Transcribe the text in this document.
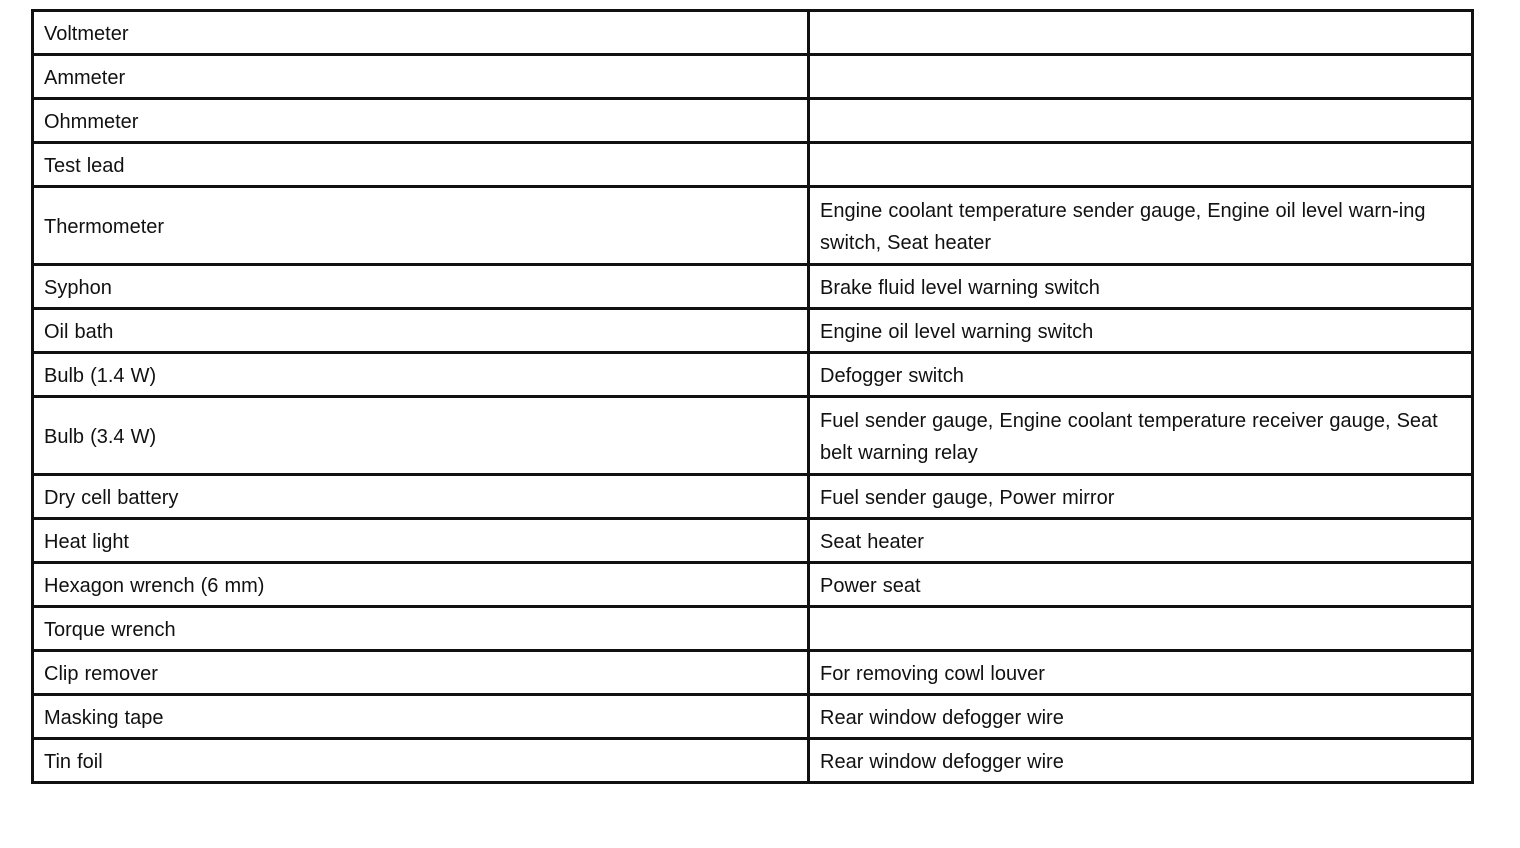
Voltmeter	
Ammeter	
Ohmmeter	
Test lead	
Thermometer	Engine coolant temperature sender gauge, Engine oil level warn-ing switch, Seat heater
Syphon	Brake fluid level warning switch
Oil bath	Engine oil level warning switch
Bulb (1.4 W)	Defogger switch
Bulb (3.4 W)	Fuel sender gauge, Engine coolant temperature receiver gauge, Seat belt warning relay
Dry cell battery	Fuel sender gauge, Power mirror
Heat light	Seat heater
Hexagon wrench (6 mm)	Power seat
Torque wrench	
Clip remover	For removing cowl louver
Masking tape	Rear window defogger wire
Tin foil	Rear window defogger wire
